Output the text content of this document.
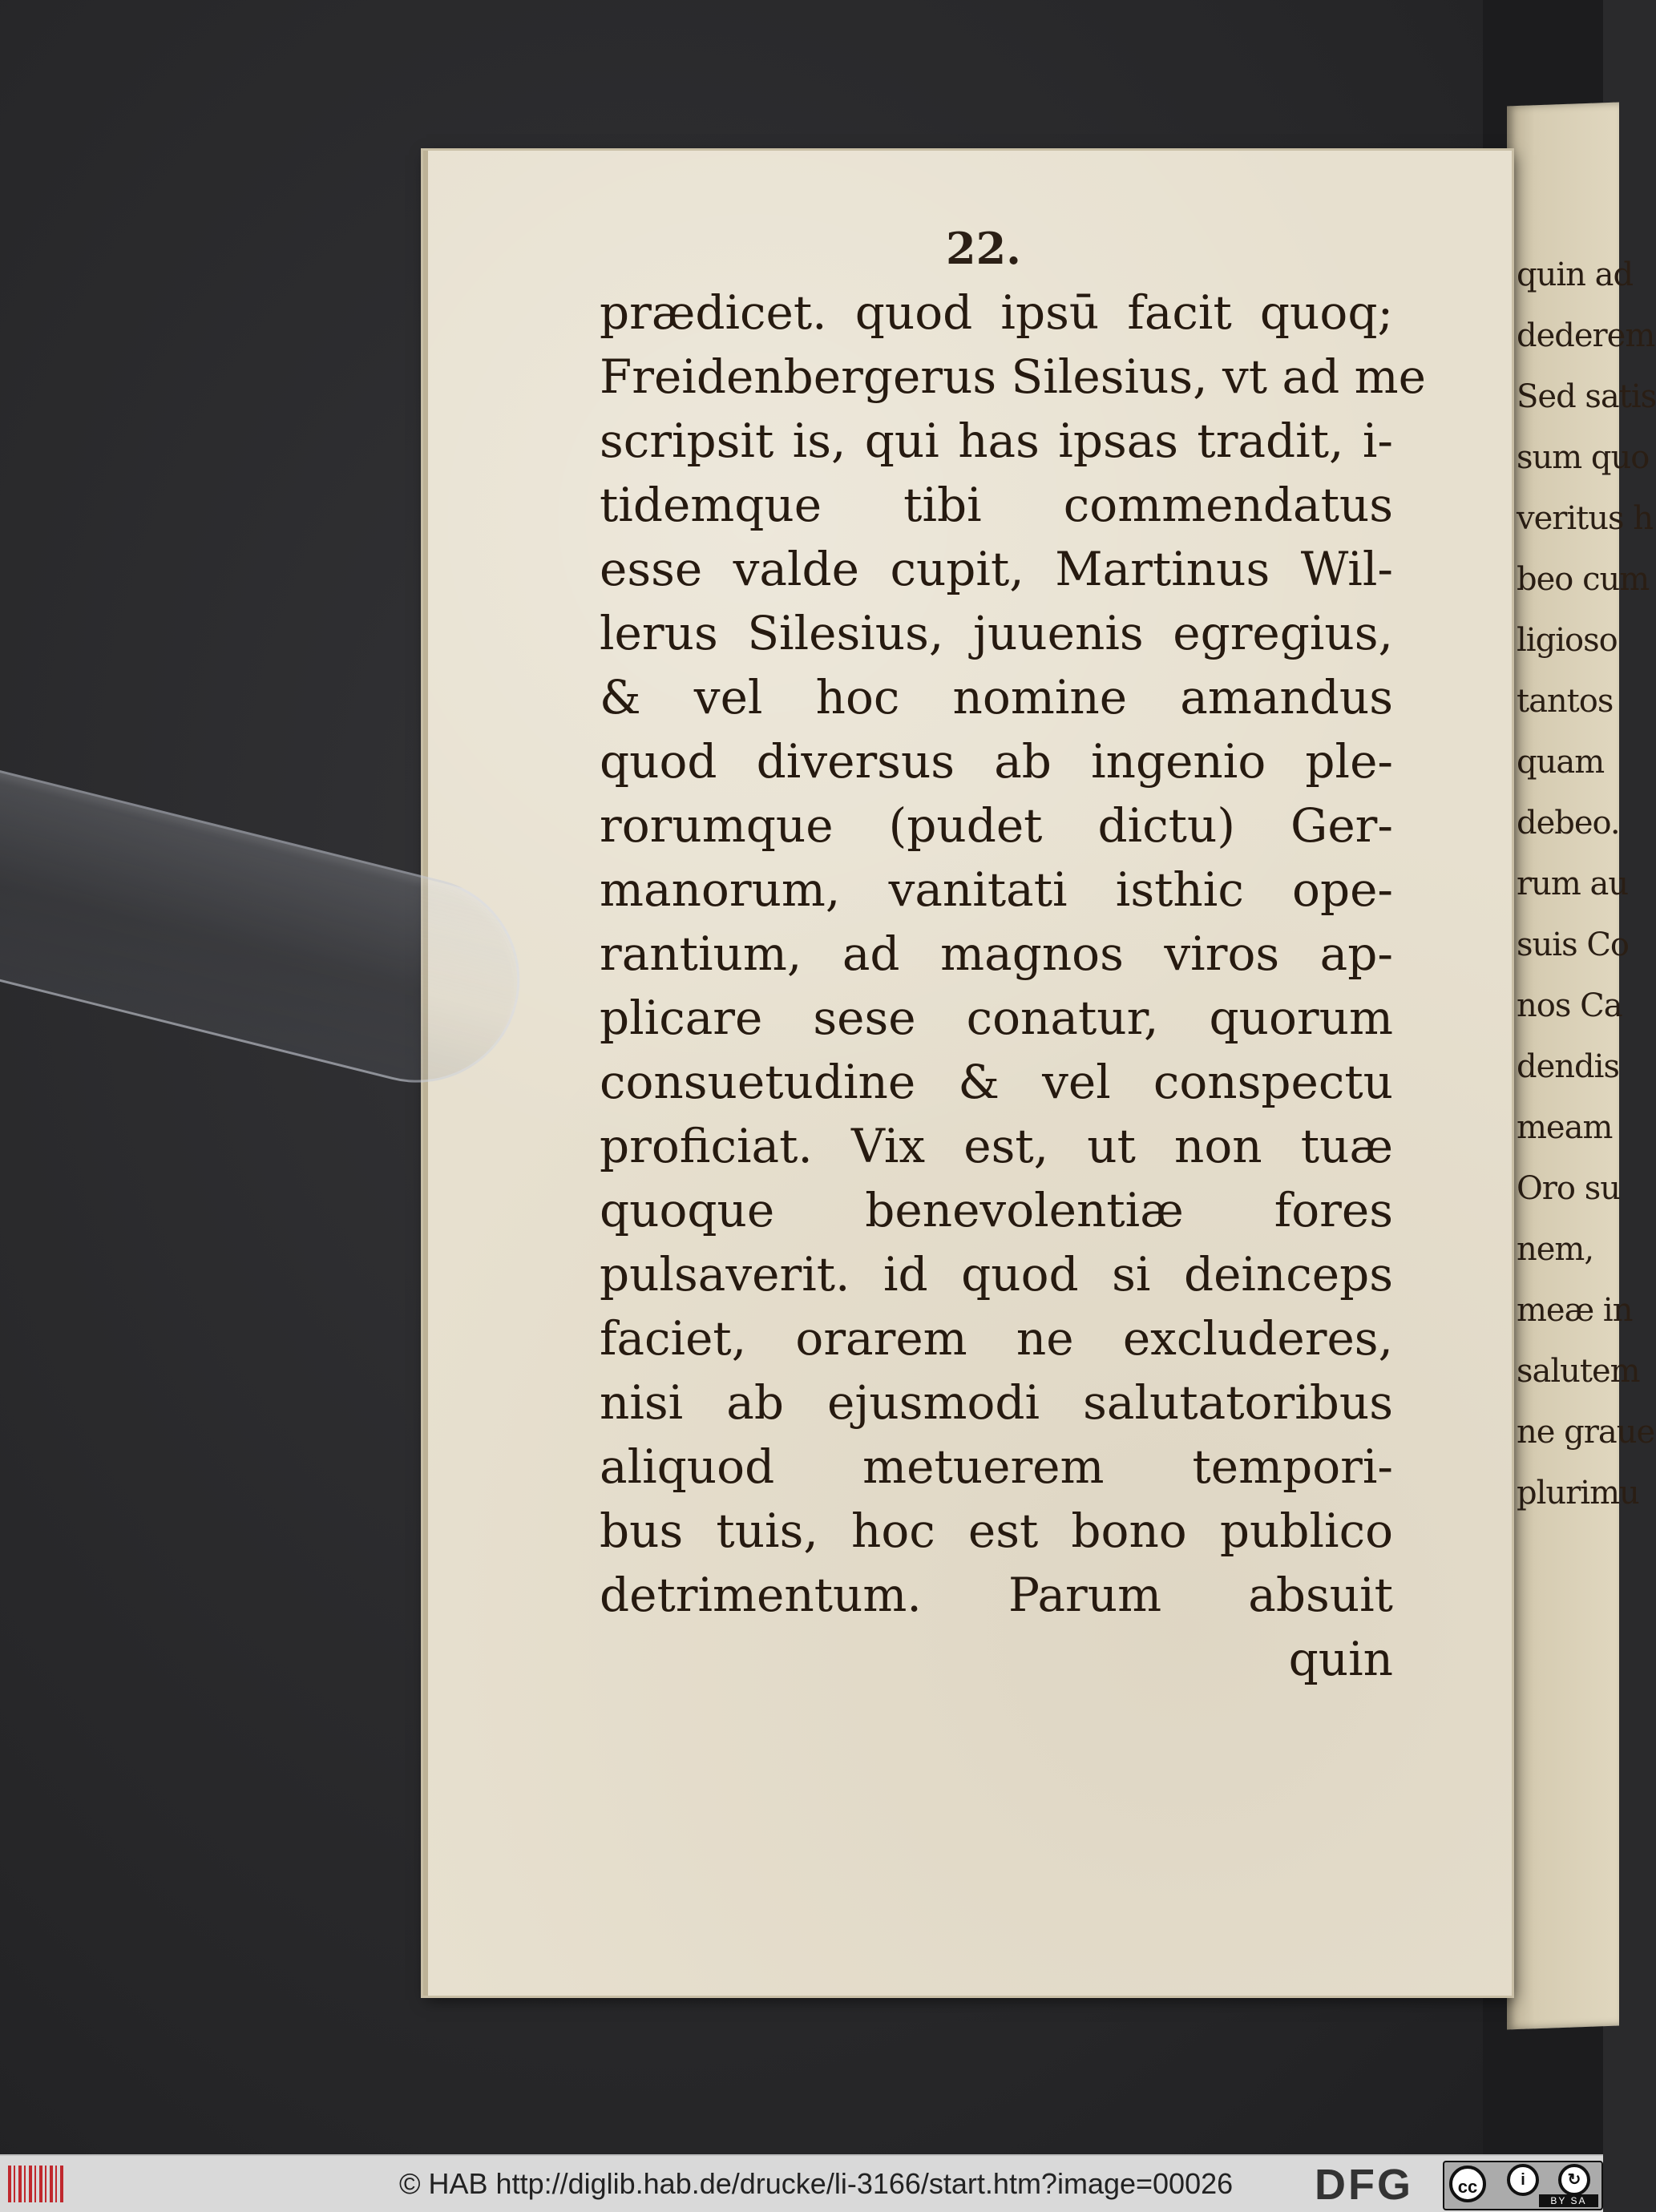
quin ad
dederem
Sed satis
sum quo
veritus h
beo cum
ligioso
tantos
quam
debeo.
rum au
suis Co
nos Ca
dendis
meam
Oro su
nem,
meæ in
salutem
ne graue
plurimu
22.
prædicet. quod ipsū facit quoq;
Freidenbergerus Silesius, vt ad me
scripsit is, qui has ipsas tradit, i-
tidemque tibi commendatus
esse valde cupit, Martinus Wil-
lerus Silesius, juuenis egregius,
& vel hoc nomine amandus
quod diversus ab ingenio ple-
rorumque (pudet dictu) Ger-
manorum, vanitati isthic ope-
rantium, ad magnos viros ap-
plicare sese conatur, quorum
consuetudine & vel conspectu
proficiat. Vix est, ut non tuæ
quoque benevolentiæ fores
pulsaverit. id quod si deinceps
faciet, orarem ne excluderes,
nisi ab ejusmodi salutatoribus
aliquod metuerem tempori-
bus tuis, hoc est bono publico
detrimentum. Parum absuit
quin
© HAB http://diglib.hab.de/drucke/li-3166/start.htm?image=00026 DFG	cc	i	↻
BY SA
